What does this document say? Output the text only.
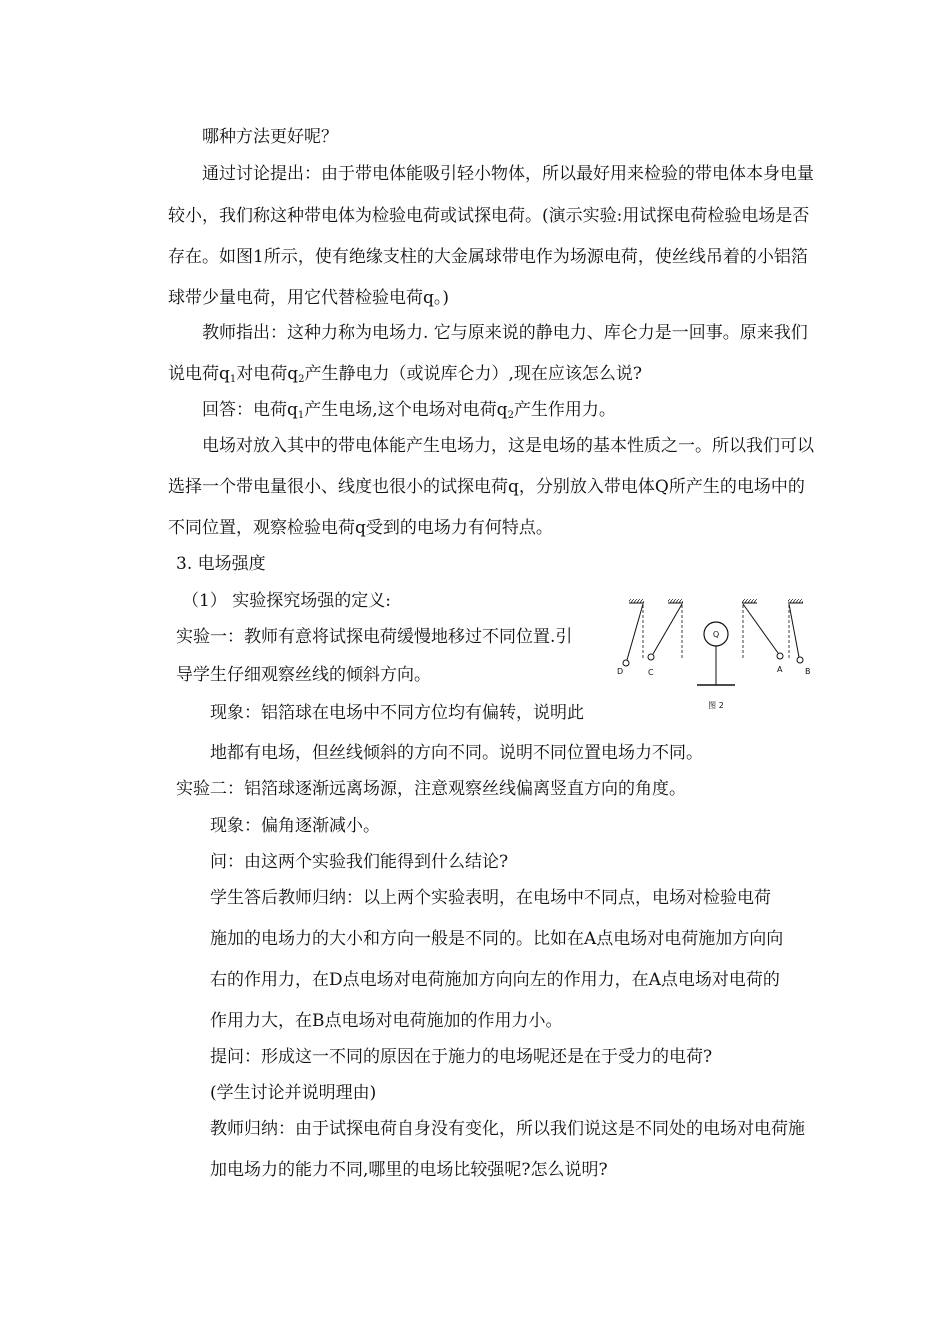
哪种方法更好呢？
通过讨论提出：由于带电体能吸引轻小物体，所以最好用来检验的带电体本身电量
较小，我们称这种带电体为检验电荷或试探电荷。(演示实验:用试探电荷检验电场是否
存在。如图1所示，使有绝缘支柱的大金属球带电作为场源电荷，使丝线吊着的小铝箔
球带少量电荷，用它代替检验电荷q。)
教师指出：这种力称为电场力. 它与原来说的静电力、库仑力是一回事。原来我们
说电荷$q_1$对电荷$q_2$产生静电力（或说库仑力）,现在应该怎么说?
回答：电荷$q_1$产生电场,这个电场对电荷$q_2$产生作用力。
电场对放入其中的带电体能产生电场力，这是电场的基本性质之一。所以我们可以
选择一个带电量很小、线度也很小的试探电荷q，分别放入带电体Q所产生的电场中的
不同位置，观察检验电荷q受到的电场力有何特点。
3. 电场强度
（1） 实验探究场强的定义:
实验一：教师有意将试探电荷缓慢地移过不同位置.引
导学生仔细观察丝线的倾斜方向。
现象：铝箔球在电场中不同方位均有偏转，说明此
地都有电场，但丝线倾斜的方向不同。说明不同位置电场力不同。
实验二：铝箔球逐渐远离场源，注意观察丝线偏离竖直方向的角度。
现象：偏角逐渐减小。
问：由这两个实验我们能得到什么结论?
学生答后教师归纳：以上两个实验表明，在电场中不同点，电场对检验电荷
施加的电场力的大小和方向一般是不同的。比如在A点电场对电荷施加方向向
右的作用力，在D点电场对电荷施加方向向左的作用力，在A点电场对电荷的
作用力大，在B点电场对电荷施加的作用力小。
提问：形成这一不同的原因在于施力的电场呢还是在于受力的电荷?
(学生讨论并说明理由)
教师归纳：由于试探电荷自身没有变化，所以我们说这是不同处的电场对电荷施
加电场力的能力不同,哪里的电场比较强呢?怎么说明?
Q
D	C	A	B
图 2
